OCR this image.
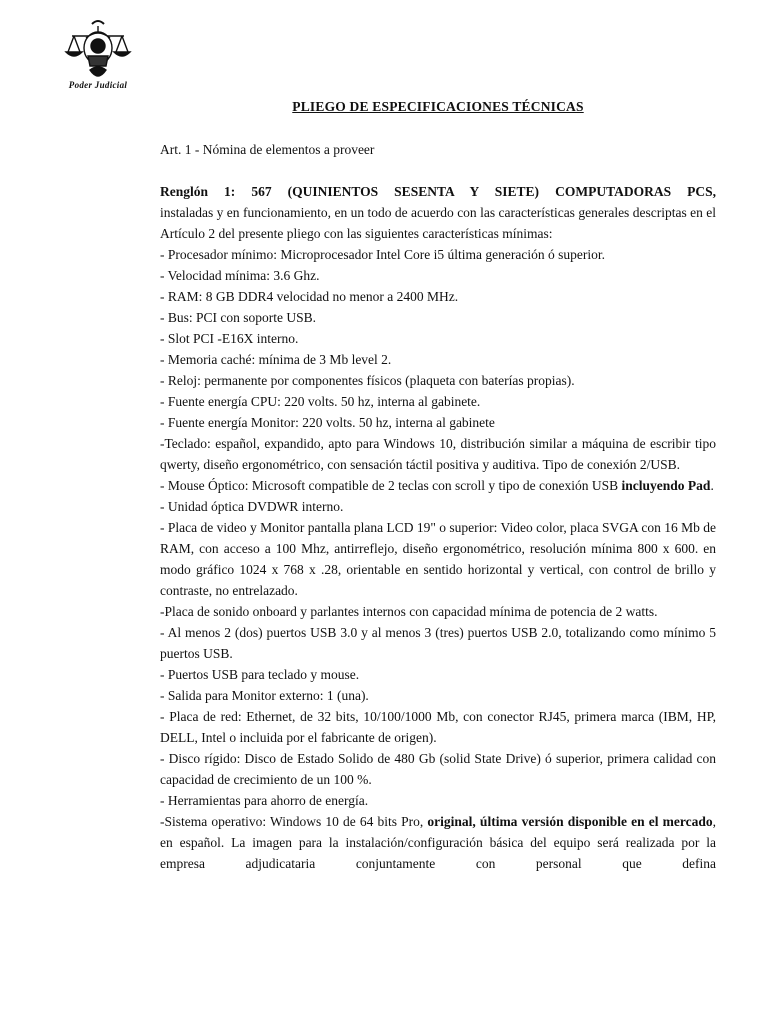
Poder Judicial
PLIEGO DE ESPECIFICACIONES TÉCNICAS
Art. 1 - Nómina de elementos a proveer

Renglón 1: 567 (QUINIENTOS SESENTA Y SIETE) COMPUTADORAS PCS,

instaladas y en funcionamiento, en un todo de acuerdo con las características generales descriptas en el Artículo 2 del presente pliego con las siguientes características mínimas:

- Procesador mínimo: Microprocesador Intel Core i5 última generación ó superior.

- Velocidad mínima: 3.6 Ghz.

- RAM: 8 GB DDR4 velocidad no menor a 2400 MHz.

- Bus: PCI con soporte USB.

- Slot PCI -E16X interno.

- Memoria caché: mínima de 3 Mb level 2.

- Reloj: permanente por componentes físicos (plaqueta con baterías propias).

- Fuente energía CPU: 220 volts. 50 hz, interna al gabinete.

- Fuente energía Monitor: 220 volts. 50 hz, interna al gabinete

-Teclado: español, expandido, apto para Windows 10, distribución similar a máquina de escribir tipo qwerty, diseño ergonométrico, con sensación táctil positiva y auditiva. Tipo de conexión 2/USB.

- Mouse Óptico: Microsoft compatible de 2 teclas con scroll y tipo de conexión USB incluyendo Pad.

- Unidad óptica DVDWR interno.

- Placa de video y Monitor pantalla plana LCD 19" o superior: Video color, placa SVGA con 16 Mb de RAM, con acceso a 100 Mhz, antirreflejo, diseño ergonométrico, resolución mínima 800 x 600. en modo gráfico 1024 x 768 x .28, orientable en sentido horizontal y vertical, con control de brillo y contraste, no entrelazado.

-Placa de sonido onboard y parlantes internos con capacidad mínima de potencia de 2 watts.

- Al menos 2 (dos) puertos USB 3.0 y al menos 3 (tres) puertos USB 2.0, totalizando como mínimo 5 puertos USB.

- Puertos USB para teclado y mouse.

- Salida para Monitor externo: 1 (una).

- Placa de red: Ethernet, de 32 bits, 10/100/1000 Mb, con conector RJ45, primera marca (IBM, HP, DELL, Intel o incluida por el fabricante de origen).

- Disco rígido: Disco de Estado Solido de 480 Gb (solid State Drive) ó superior, primera calidad con capacidad de crecimiento de un 100 %.

- Herramientas para ahorro de energía.

-Sistema operativo: Windows 10 de 64 bits Pro, original, última versión disponible en el mercado, en español. La imagen para la instalación/configuración básica del equipo será realizada por la empresa adjudicataria conjuntamente con personal que defina
